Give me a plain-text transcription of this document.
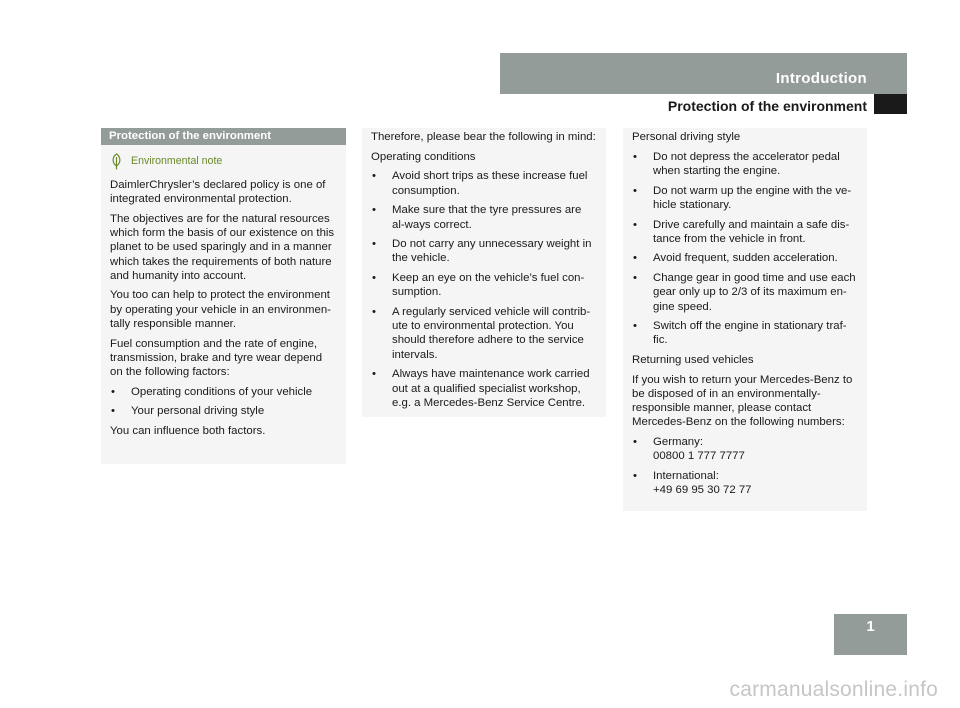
Introduction
Protection of the environment
Protection of the environment
Environmental note

DaimlerChrysler’s declared policy is one of integrated environmental protection.

The objectives are for the natural resources which form the basis of our existence on this planet to be used sparingly and in a manner which takes the requirements of both nature and humanity into account.

You too can help to protect the environment by operating your vehicle in an environmen-tally responsible manner.

Fuel consumption and the rate of engine, transmission, brake and tyre wear depend on the following factors:

• Operating conditions of your vehicle
• Your personal driving style

You can influence both factors.

Therefore, please bear the following in mind:

Operating conditions

• Avoid short trips as these increase fuel consumption.
• Make sure that the tyre pressures are al-ways correct.
• Do not carry any unnecessary weight in the vehicle.
• Keep an eye on the vehicle’s fuel con-sumption.
• A regularly serviced vehicle will contrib-ute to environmental protection. You should therefore adhere to the service intervals.
• Always have maintenance work carried out at a qualified specialist workshop, e.g. a Mercedes-Benz Service Centre.

Personal driving style

• Do not depress the accelerator pedal when starting the engine.
• Do not warm up the engine with the ve-hicle stationary.
• Drive carefully and maintain a safe dis-tance from the vehicle in front.
• Avoid frequent, sudden acceleration.
• Change gear in good time and use each gear only up to 2/3 of its maximum en-gine speed.
• Switch off the engine in stationary traf-fic.

Returning used vehicles

If you wish to return your Mercedes-Benz to be disposed of in an environmentally-responsible manner, please contact Mercedes-Benz on the following numbers:

• Germany:
00800 1 777 7777
• International:
+49 69 95 30 72 77
1
carmanualsonline.info
